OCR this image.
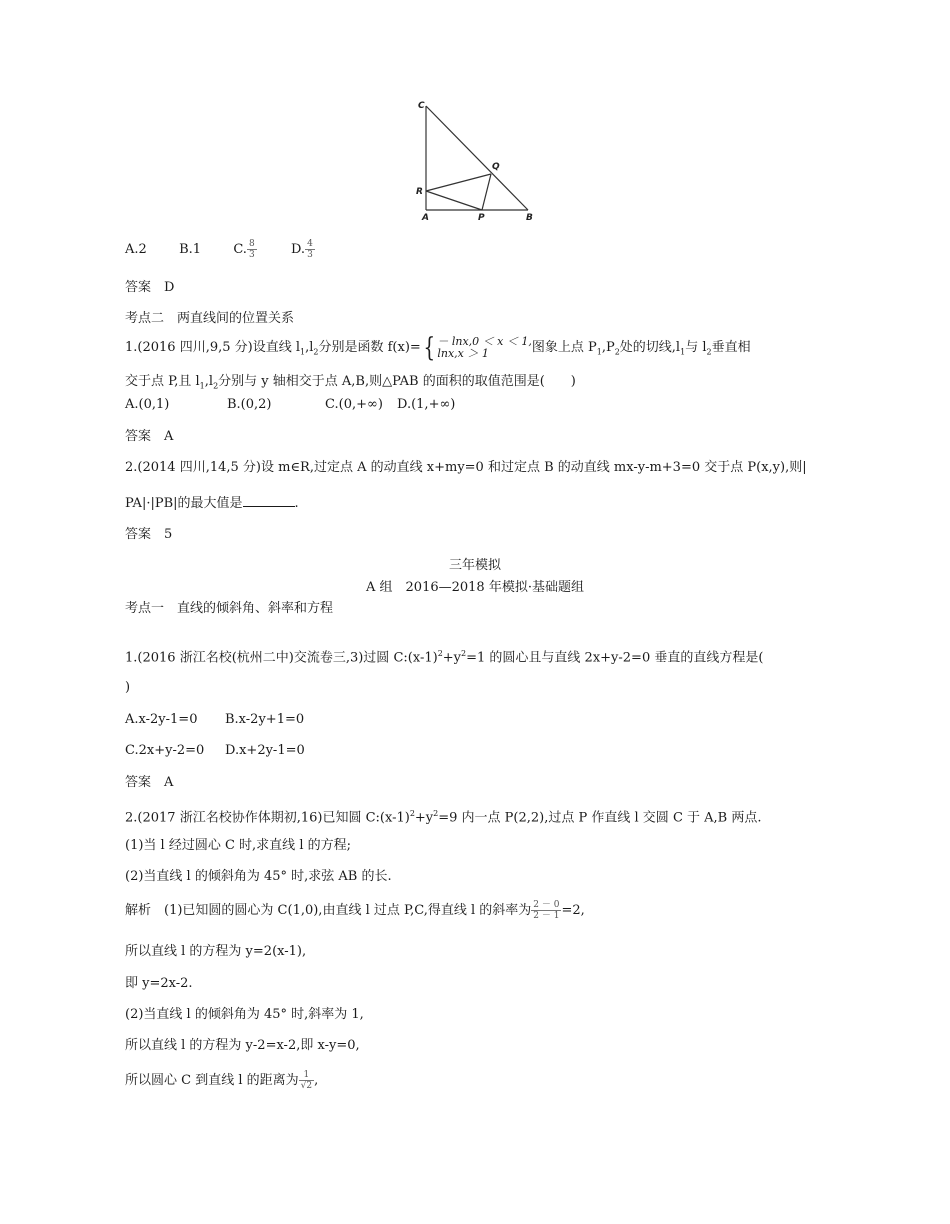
C
Q
R
A	P	B
A.2 B.1 C. $\frac{8}{3}$	D. $\frac{4}{3}$
答案　D
考点二　两直线间的位置关系
1.(2016 四川,9,5 分)设直线 $l_1,l_2$分别是函数 f(x)={ － lnx,0 ＜ x ＜ 1,
lnx,x ＞ 1	图象上点 $P_1,P_2$处的切线$,l_1$与 $l_2$垂直相
交于点 P,且 $l_1,l_2$分别与 y 轴相交于点 A,B,则△PAB 的面积的取值范围是(　　)
A.(0,1)	B.(0,2)	C.(0,+∞) D.(1,+∞)
答案　A
2.(2014 四川,14,5 分)设 m∈R,过定点 A 的动直线 x+my=0 和过定点 B 的动直线 mx-y-m+3=0 交于点 P(x,y),则|
PA|·|PB|的最大值是	.
答案　5
三年模拟
A 组　2016—2018 年模拟·基础题组
考点一　直线的倾斜角、斜率和方程
1.(2016 浙江名校(杭州二中)交流卷三,3)过圆 $C:(x-1)^2+y^2=1$ 的圆心且与直线 2x+y-2=0 垂直的直线方程是(
)
A.x-2y-1=0 B.x-2y+1=0
C.2x+y-2=0 D.x+2y-1=0
答案　A
2.(2017 浙江名校协作体期初,16)已知圆 $C:(x-1)^2+y^2=9$ 内一点 P(2,2),过点 P 作直线 l 交圆 C 于 A,B 两点.
(1)当 l 经过圆心 C 时,求直线 l 的方程;
(2)当直线 l 的倾斜角为 45° 时,求弦 AB 的长.
解析　(1)已知圆的圆心为 C(1,0),由直线 l 过点 P,C,得直线 l 的斜率为 $\frac{2 - 0}{2 - 1} =2$,
所以直线 l 的方程为 y=2(x-1),
即 y=2x-2.
(2)当直线 l 的倾斜角为 45° 时,斜率为 1,
所以直线 l 的方程为 y-2=x-2,即 x-y=0,
所以圆心 C 到直线 l 的距离为 $\frac{1}{√2}$ ,
